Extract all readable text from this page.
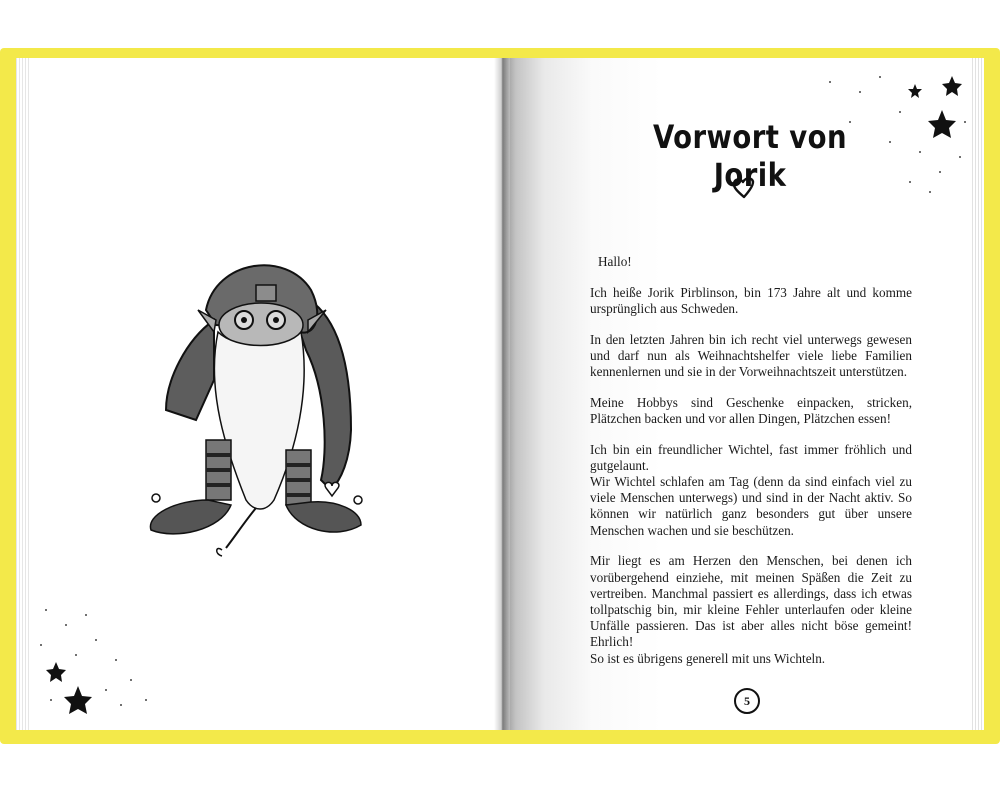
Vorwort von Jorik

Hallo!

Ich heiße Jorik Pirblinson, bin 173 Jahre alt und komme ursprünglich aus Schweden.

In den letzten Jahren bin ich recht viel unterwegs gewesen und darf nun als Weihnachtshelfer viele liebe Familien kennenlernen und sie in der Vorweihnachtszeit unterstützen.

Meine Hobbys sind Geschenke einpacken, stricken, Plätzchen backen und vor allen Dingen, Plätzchen essen!

Ich bin ein freundlicher Wichtel, fast immer fröhlich und gutgelaunt.

Wir Wichtel schlafen am Tag (denn da sind einfach viel zu viele Menschen unterwegs) und sind in der Nacht aktiv. So können wir natürlich ganz besonders gut über unsere Menschen wachen und sie beschützen.

Mir liegt es am Herzen den Menschen, bei denen ich vorübergehend einziehe, mit meinen Späßen die Zeit zu vertreiben. Manchmal passiert es allerdings, dass ich etwas tollpatschig bin, mir kleine Fehler unterlaufen oder kleine Unfälle passieren. Das ist aber alles nicht böse gemeint! Ehrlich!

So ist es übrigens generell mit uns Wichteln.

5
